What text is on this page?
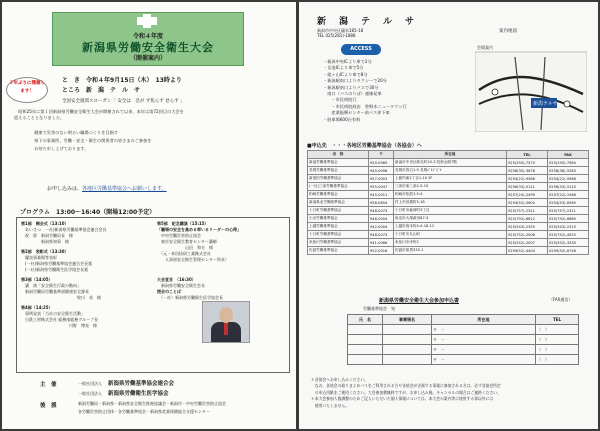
令和４年度
新潟県労働安全衛生大会
（開催案内）
３年ぶりに開催します！
と　き　令和４年9月15日（木）　13時より
ところ　新　潟　テ　ル　サ
全国安全週間スローガン「 安全は　急が ず焦らず 怠らず 」
　昭和25年に第１回新潟県労働安全衛生大会が開催されて以来、本年は第72回目の大会を
迎えることとなりました。
　健康で災害のない明るい職場づくりを目指す
　県下の事業所、労働・安全・衛生の関係者の皆さまのご参加を
　お待ち申し上げております。
　お申し込みは、各地区労働基準協会へお願いします。
プログラム　13:00～16:40（開場12:00予定）
第1部　開会式（13:10）
　あいさつ　一社)新潟県労働基準協会連合会長
　祝　辞　新潟労働局長　様
　　　　　新潟県知事　様
第2部　表彰式（13:30）
　優良事業場等表彰
　(一社)新潟県労働基準協会連合会長賞
　(一社)新潟県労働衛生医学協会長賞
第3部（14:05）
　講　演「安全衛生行政の動向」
　新潟労働局労働基準部健康安全課長
　　　　　　　　　　　　　　牧川　英　様
第4部（14:25）
　事例発表「当社の安全衛生活動」
　日鉄工材株式会社 総務部総務グループ長
　　　　　　　　　　　　川野　博充　様
第5部　記念講演（15:15）
「職場の安全を高める率いるリーダーの心得」
　中央労働災害防止協会
　東京安全衛生教育センター講師
　　　　　　　山田　和夫　様
　（元・本田技研工業株式会社
　　人事部安全衛生管理センター所長）
大会宣言　（16:30）
　新潟県労働安全衛生会長
閉会のことば
　（一社）新潟県労働衛生医学協会長
主　催	一般社団法人 新潟県労働基準協会連合会
一般社団法人 新潟県労働衛生医学協会
後　援	新潟労働局・新潟県・新潟県安全衛生推進協議会・新潟市・中央労働災害防止協会
各労働災害防止団体・各労働基準協会・新潟県産業保健総合支援センター
新　潟　テ　ル　サ
新潟市中央区鐘木185-18
TEL 025(281)-1888
ACCESS
・新潟中央ICより車で2分
・女池ICより車で5分
・姥ヶ山ICより車で8分
・新潟駅南口よりタクシーで20分
・新潟駅南口よりバスで30分
　南口（バスのりば）運線発車
　　・市民病院行
　　・市民病院経由　曽野木ニュータウン行
　　産業振興センター前バス停下車
・駐車場600台有料
案内地図
会場案内
新潟テルサ
■申込先　・・・各地区労働基準協会（各協会）へ
名　称	〒	所在地	TEL	FAX
新潟労働基準協会	950-0965	新潟市中央区新光町10-3 技術会館7階	025(250)-7570	025(250)-7584
長岡労働基準協会	940-0096	長岡市春日1-5 長岡ﾊﾟﾙｺﾞﾋﾞﾙ	0258(35)-3678	0258(36)-5283
新発田労働基準協会	957-0053	上館内東1丁目1-10 2F	0254(22)-9586	0254(22)-9586
(一社)三条労働基準協会	955-0047	三条市東三条2-5-10	0256(33)-5111	0256(33)-5110
柏崎労働基準協会	945-0011	柏崎市松波1-5-4	0257(24)-2499	0257(22)-1566
新潟県北労働基準協会	958-0854	村上市田端町5-18	0254(52)-5600	0254(53)-6565
十日町労働基準協会	948-0073	十日町市稲荷町3丁目	025(757)-2311	025(757)-2311
小出労働基準協会	946-0004	魚沼市大塚新田87-3	025(792)-6612	025(792)-6689
上越労働基準協会	942-0004	上越市西本町4-4-18-12	025(543)-2355	025(543)-2315
十日町労働基準協会	948-0073	十日町市丸山町	025(752)-2008	025(752)-4025
糸魚川労働基準協会	941-0066	糸魚川市寺町2	025(552)-2007	025(552)-3335
佐渡労働基準協会	952-0016	佐渡市原黒333-1	0259(52)-4404	0259(52)-6746
新潟県労働安全衛生大会参加申込書	（FAX通信）
労働基準協会　宛
氏　名	事業場名	所在地	TEL
		〒　－	（　）
		〒　－	（　）
		〒　－	（　）
		〒　－	（　）
＊各協会へお申し込みください。
　なお、各協会の取りまとめバスをご利用される方や各協会が企画する事業に参加される方は、必ず各協会所定
　の申込用紙をご使用ください。大会参加費無料ですが、お申し込み後、キャンセルの場合はご連絡ください。
＊本大会参加人数調整のためご記入いただいた個人情報については、本大会の案内等に使用する事以外には
　使用いたしません。
